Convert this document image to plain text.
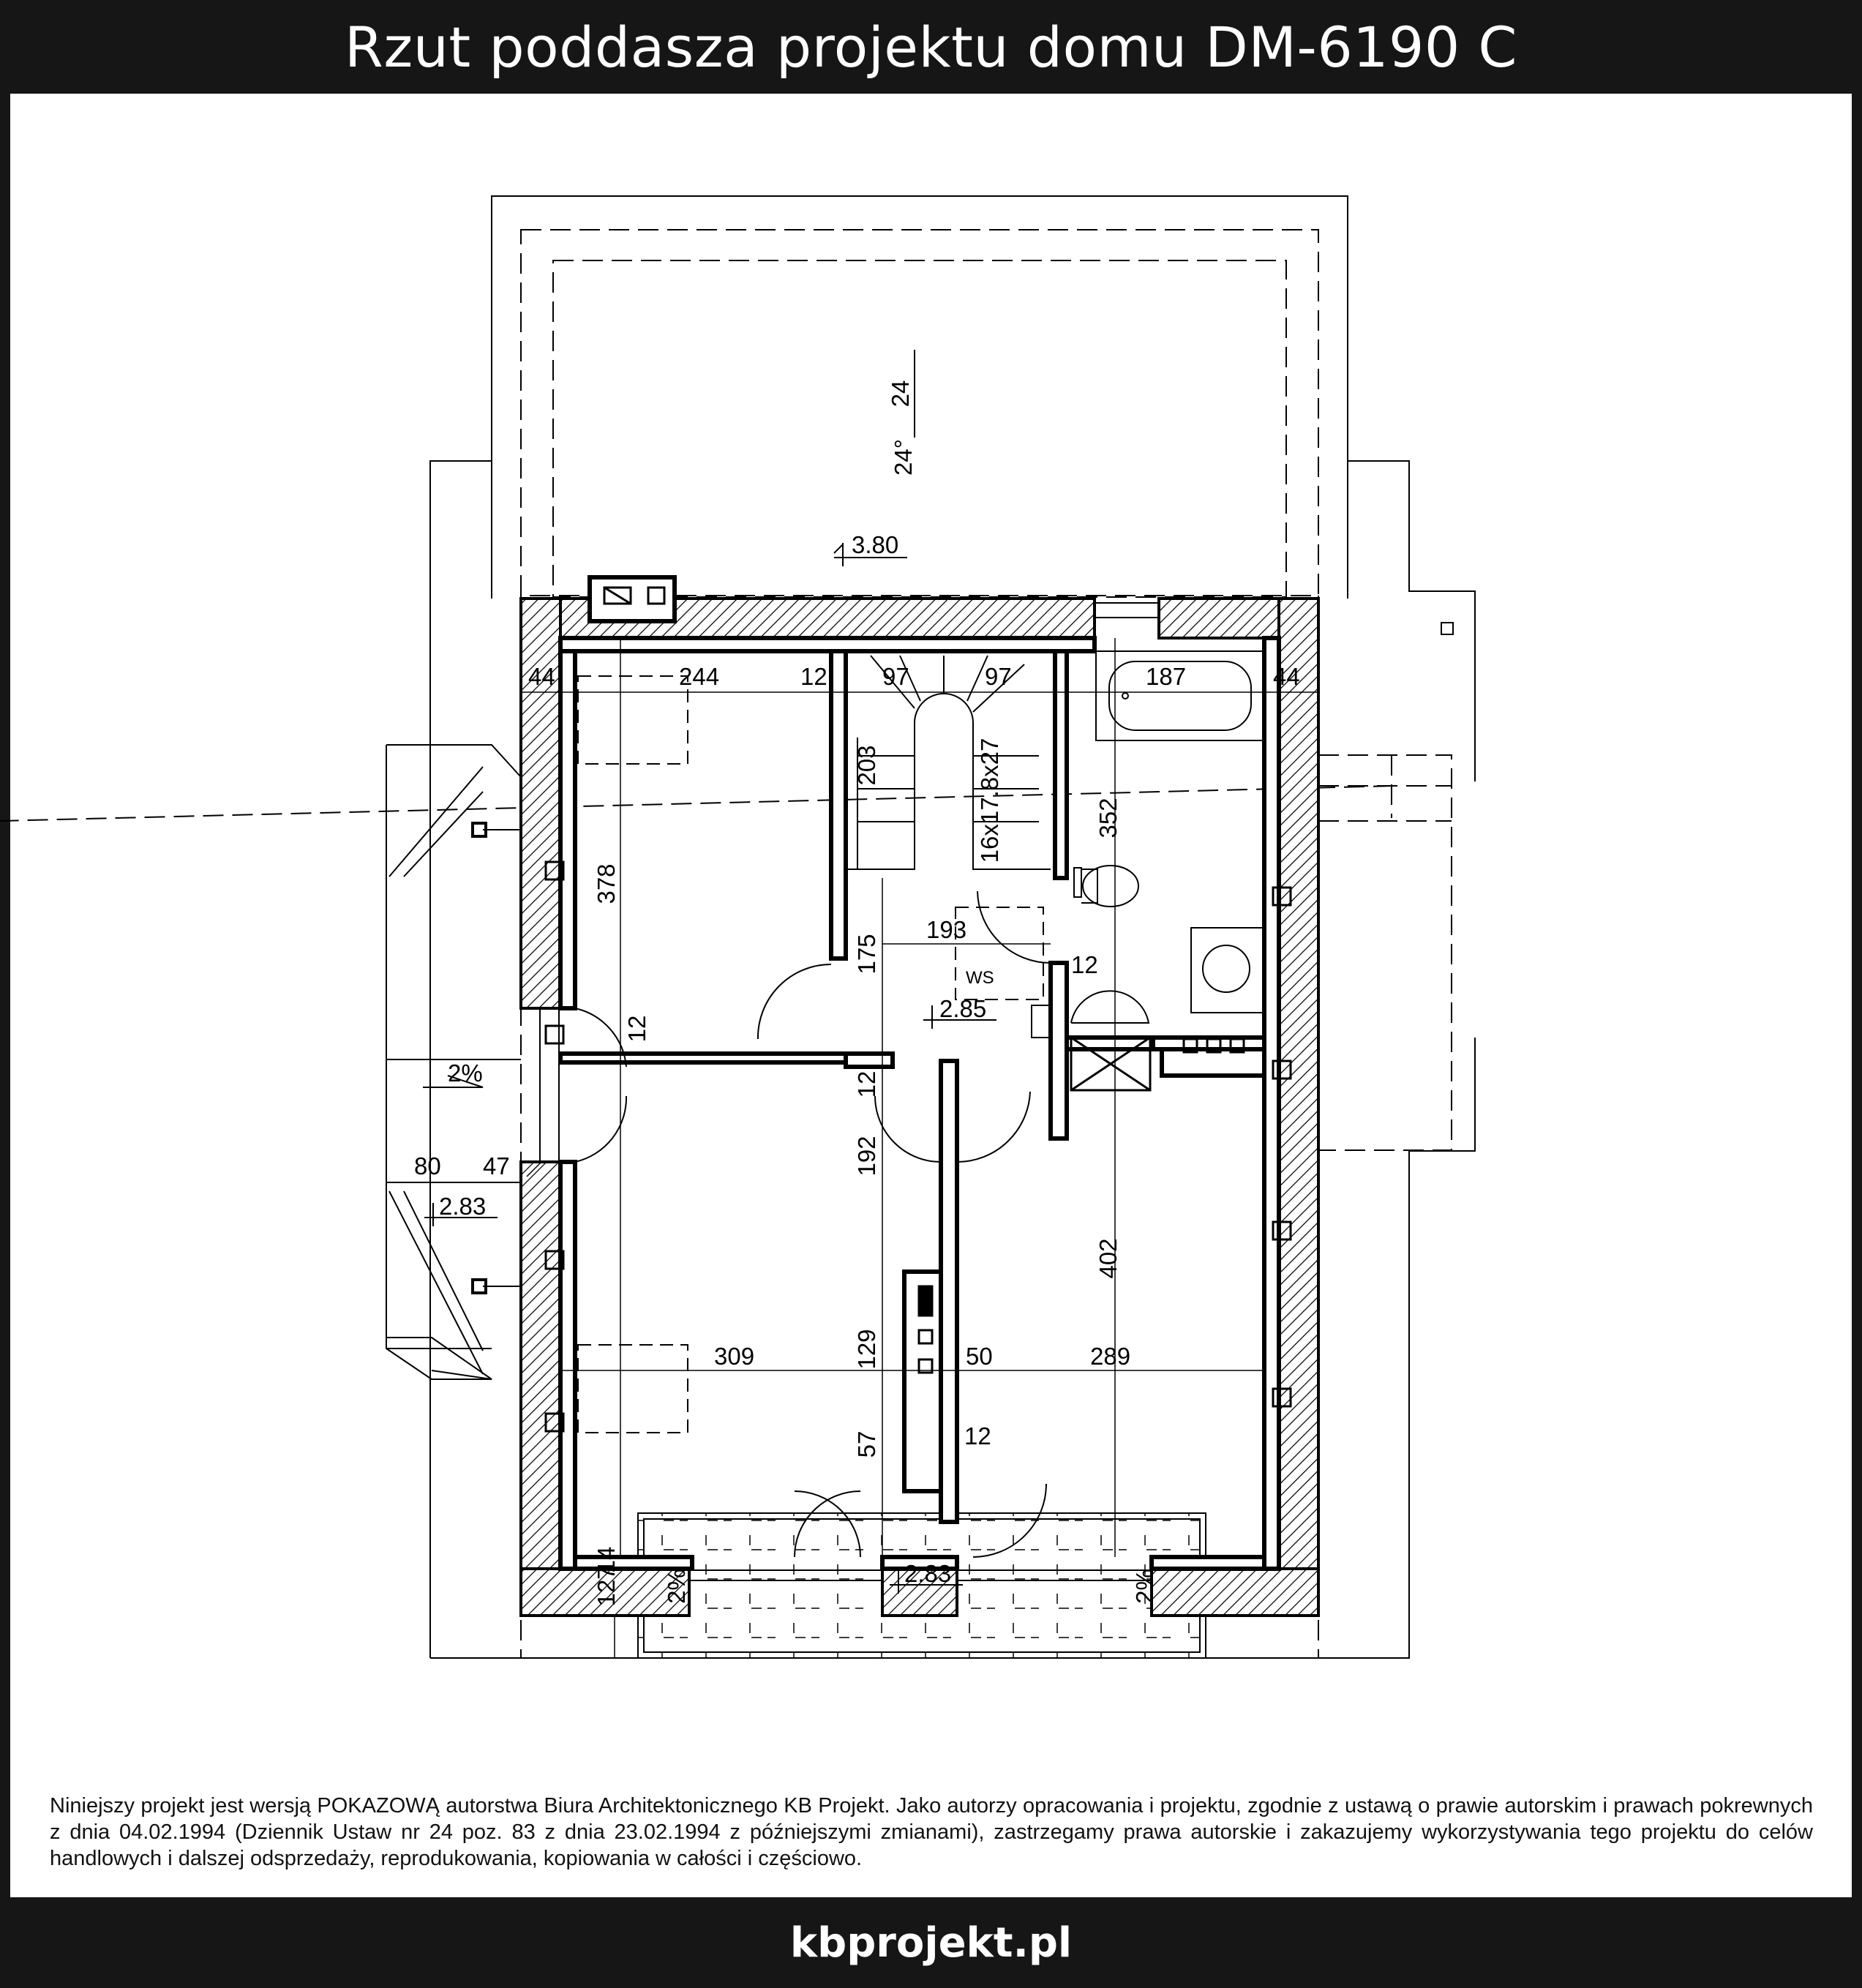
Rzut poddasza projektu domu DM-6190 C
44	244	12 97	97	187	44
378
203	16x17.8x27	352
193
12
175
12
12
80 47	192
402
309	129	50	289
57	12
14
127
24
WS
3.80
2.85
2.83
2.83
24°
2%
2%	2%

Niniejszy projekt jest wersją POKAZOWĄ autorstwa Biura Architektonicznego KB Projekt. Jako autorzy opracowania i projektu, zgodnie z ustawą o prawie autorskim i prawach pokrewnych z dnia 04.02.1994 (Dziennik Ustaw nr 24 poz. 83 z dnia 23.02.1994 z późniejszymi zmianami), zastrzegamy prawa autorskie i zakazujemy wykorzystywania tego projektu do celów handlowych i dalszej odsprzedaży, reprodukowania, kopiowania w całości i częściowo.

kbprojekt.pl
